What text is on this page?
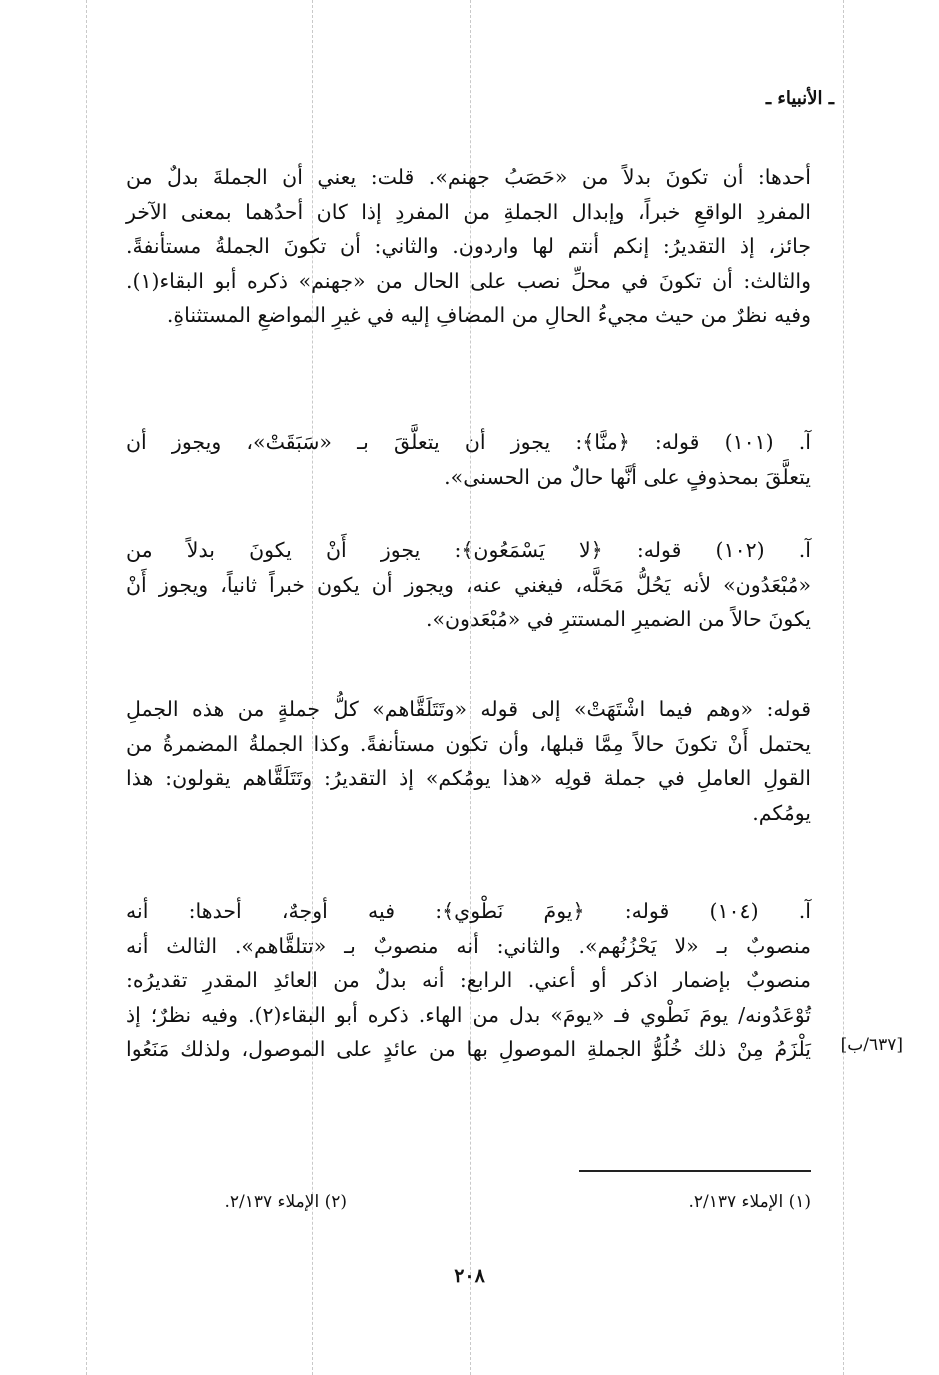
ـ الأنبياء ـ
أحدها: أن تكونَ بدلاً من «حَصَبُ جهنم». قلت: يعني أن الجملةَ بدلٌ من
المفردِ الواقعِ خبراً، وإبدال الجملةِ من المفردِ إذا كان أحدُهما بمعنى الآخر
جائز، إذ التقديرُ: إنكم أنتم لها واردون. والثاني: أن تكونَ الجملةُ مستأنفةً.
والثالث: أن تكونَ في محلِّ نصب على الحال من «جهنم» ذكره أبو البقاء(١).
وفيه نظرٌ من حيث مجيءُ الحالِ من المضافِ إليه في غيرِ المواضعِ المستثناةِ.
آ. (١٠١) قوله: ﴿منَّا﴾: يجوز أن يتعلَّقَ بـ «سَبَقَتْ»، ويجوز أن
يتعلَّقَ بمحذوفٍ على أنَّها حالٌ من الحسنى».
آ. (١٠٢) قوله: ﴿لا يَسْمَعُون﴾: يجوز أَنْ يكونَ بدلاً من
«مُبْعَدُون» لأنه يَحُلُّ مَحَلَّه، فيغني عنه، ويجوز أن يكون خبراً ثانياً، ويجوز أَنْ
يكونَ حالاً من الضميرِ المستترِ في «مُبْعَدون».
قوله: «وهم فيما اشْتَهَتْ» إلى قوله «وتَتَلَقَّاهم» كلُّ جملةٍ من هذه الجملِ
يحتمل أَنْ تكونَ حالاً مِمَّا قبلها، وأن تكون مستأنفةً. وكذا الجملةُ المضمرةُ من
القولِ العاملِ في جملة قولِه «هذا يومُكم» إذ التقديرُ: وتَتَلَقَّاهم يقولون: هذا
يومُكم.
آ. (١٠٤) قوله: ﴿يومَ نَطْوي﴾: فيه أوجهٌ، أحدها: أنه
منصوبٌ بـ «لا يَحْزُنُهم». والثاني: أنه منصوبٌ بـ «تتلقَّاهم». الثالث أنه
منصوبٌ بإضمار اذكر أو أعني. الرابع: أنه بدلٌ من العائدِ المقدرِ تقديرُه:
تُوْعَدُونه/ يومَ نَطْوي فـ «يومَ» بدل من الهاء. ذكره أبو البقاء(٢). وفيه نظرٌ؛ إذ
يَلْزَمُ مِنْ ذلك خُلُوُّ الجملةِ الموصولِ بها من عائدٍ على الموصول، ولذلك مَنَعُوا [٦٣٧/ب]
(١) الإملاء ٢/١٣٧.
(٢) الإملاء ٢/١٣٧.
٢٠٨
